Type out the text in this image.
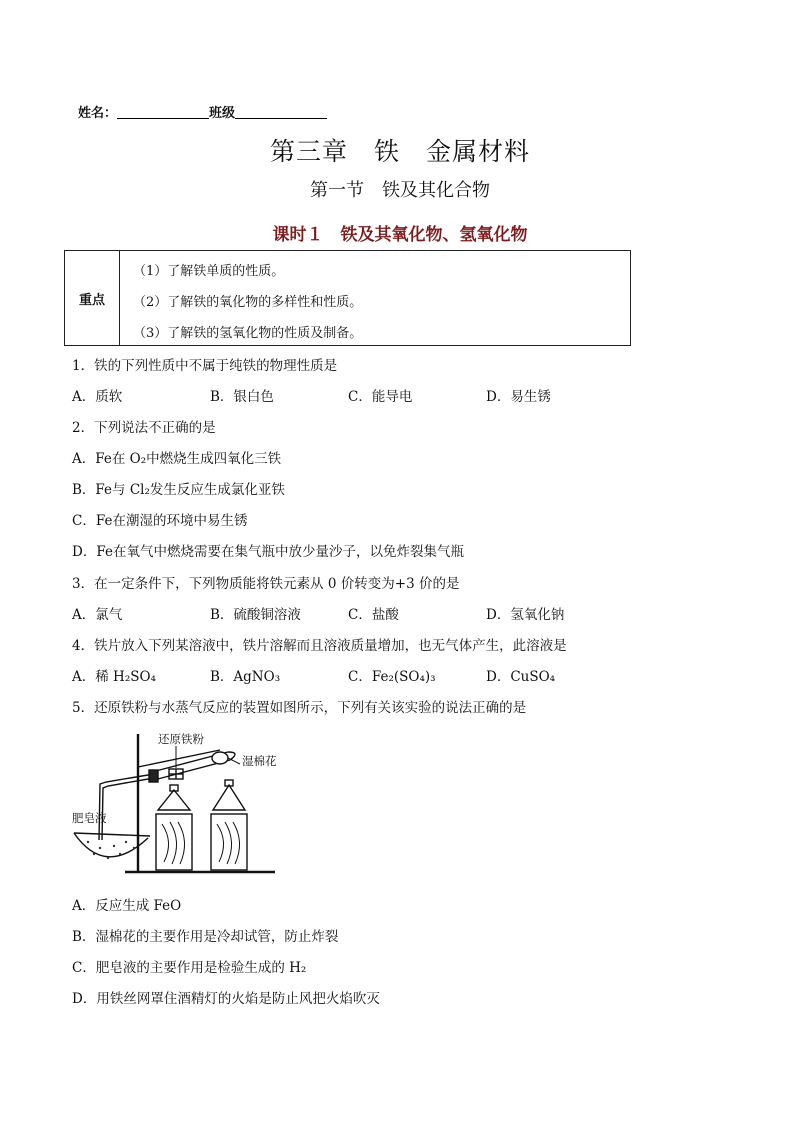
姓名：	班级
第三章　铁　金属材料
第一节　铁及其化合物
课时１　铁及其氧化物、氢氧化物
重点
（1）了解铁单质的性质。
（2）了解铁的氧化物的多样性和性质。
（3）了解铁的氢氧化物的性质及制备。
1．铁的下列性质中不属于纯铁的物理性质是
A．质软	B．银白色	C．能导电	D．易生锈
2．下列说法不正确的是
A．Fe在 O₂中燃烧生成四氧化三铁
B．Fe与 Cl₂发生反应生成氯化亚铁
C．Fe在潮湿的环境中易生锈
D．Fe在氧气中燃烧需要在集气瓶中放少量沙子，以免炸裂集气瓶
3．在一定条件下，下列物质能将铁元素从 0 价转变为+3 价的是
A．氯气	B．硫酸铜溶液	C．盐酸	D．氢氧化钠
4．铁片放入下列某溶液中，铁片溶解而且溶液质量增加，也无气体产生，此溶液是
A．稀 H₂SO₄	B．AgNO₃	C．Fe₂(SO₄)₃	D．CuSO₄
5．还原铁粉与水蒸气反应的装置如图所示，下列有关该实验的说法正确的是
还原铁粉
湿棉花
肥皂液
A．反应生成 FeO
B．湿棉花的主要作用是冷却试管，防止炸裂
C．肥皂液的主要作用是检验生成的 H₂
D．用铁丝网罩住酒精灯的火焰是防止风把火焰吹灭
